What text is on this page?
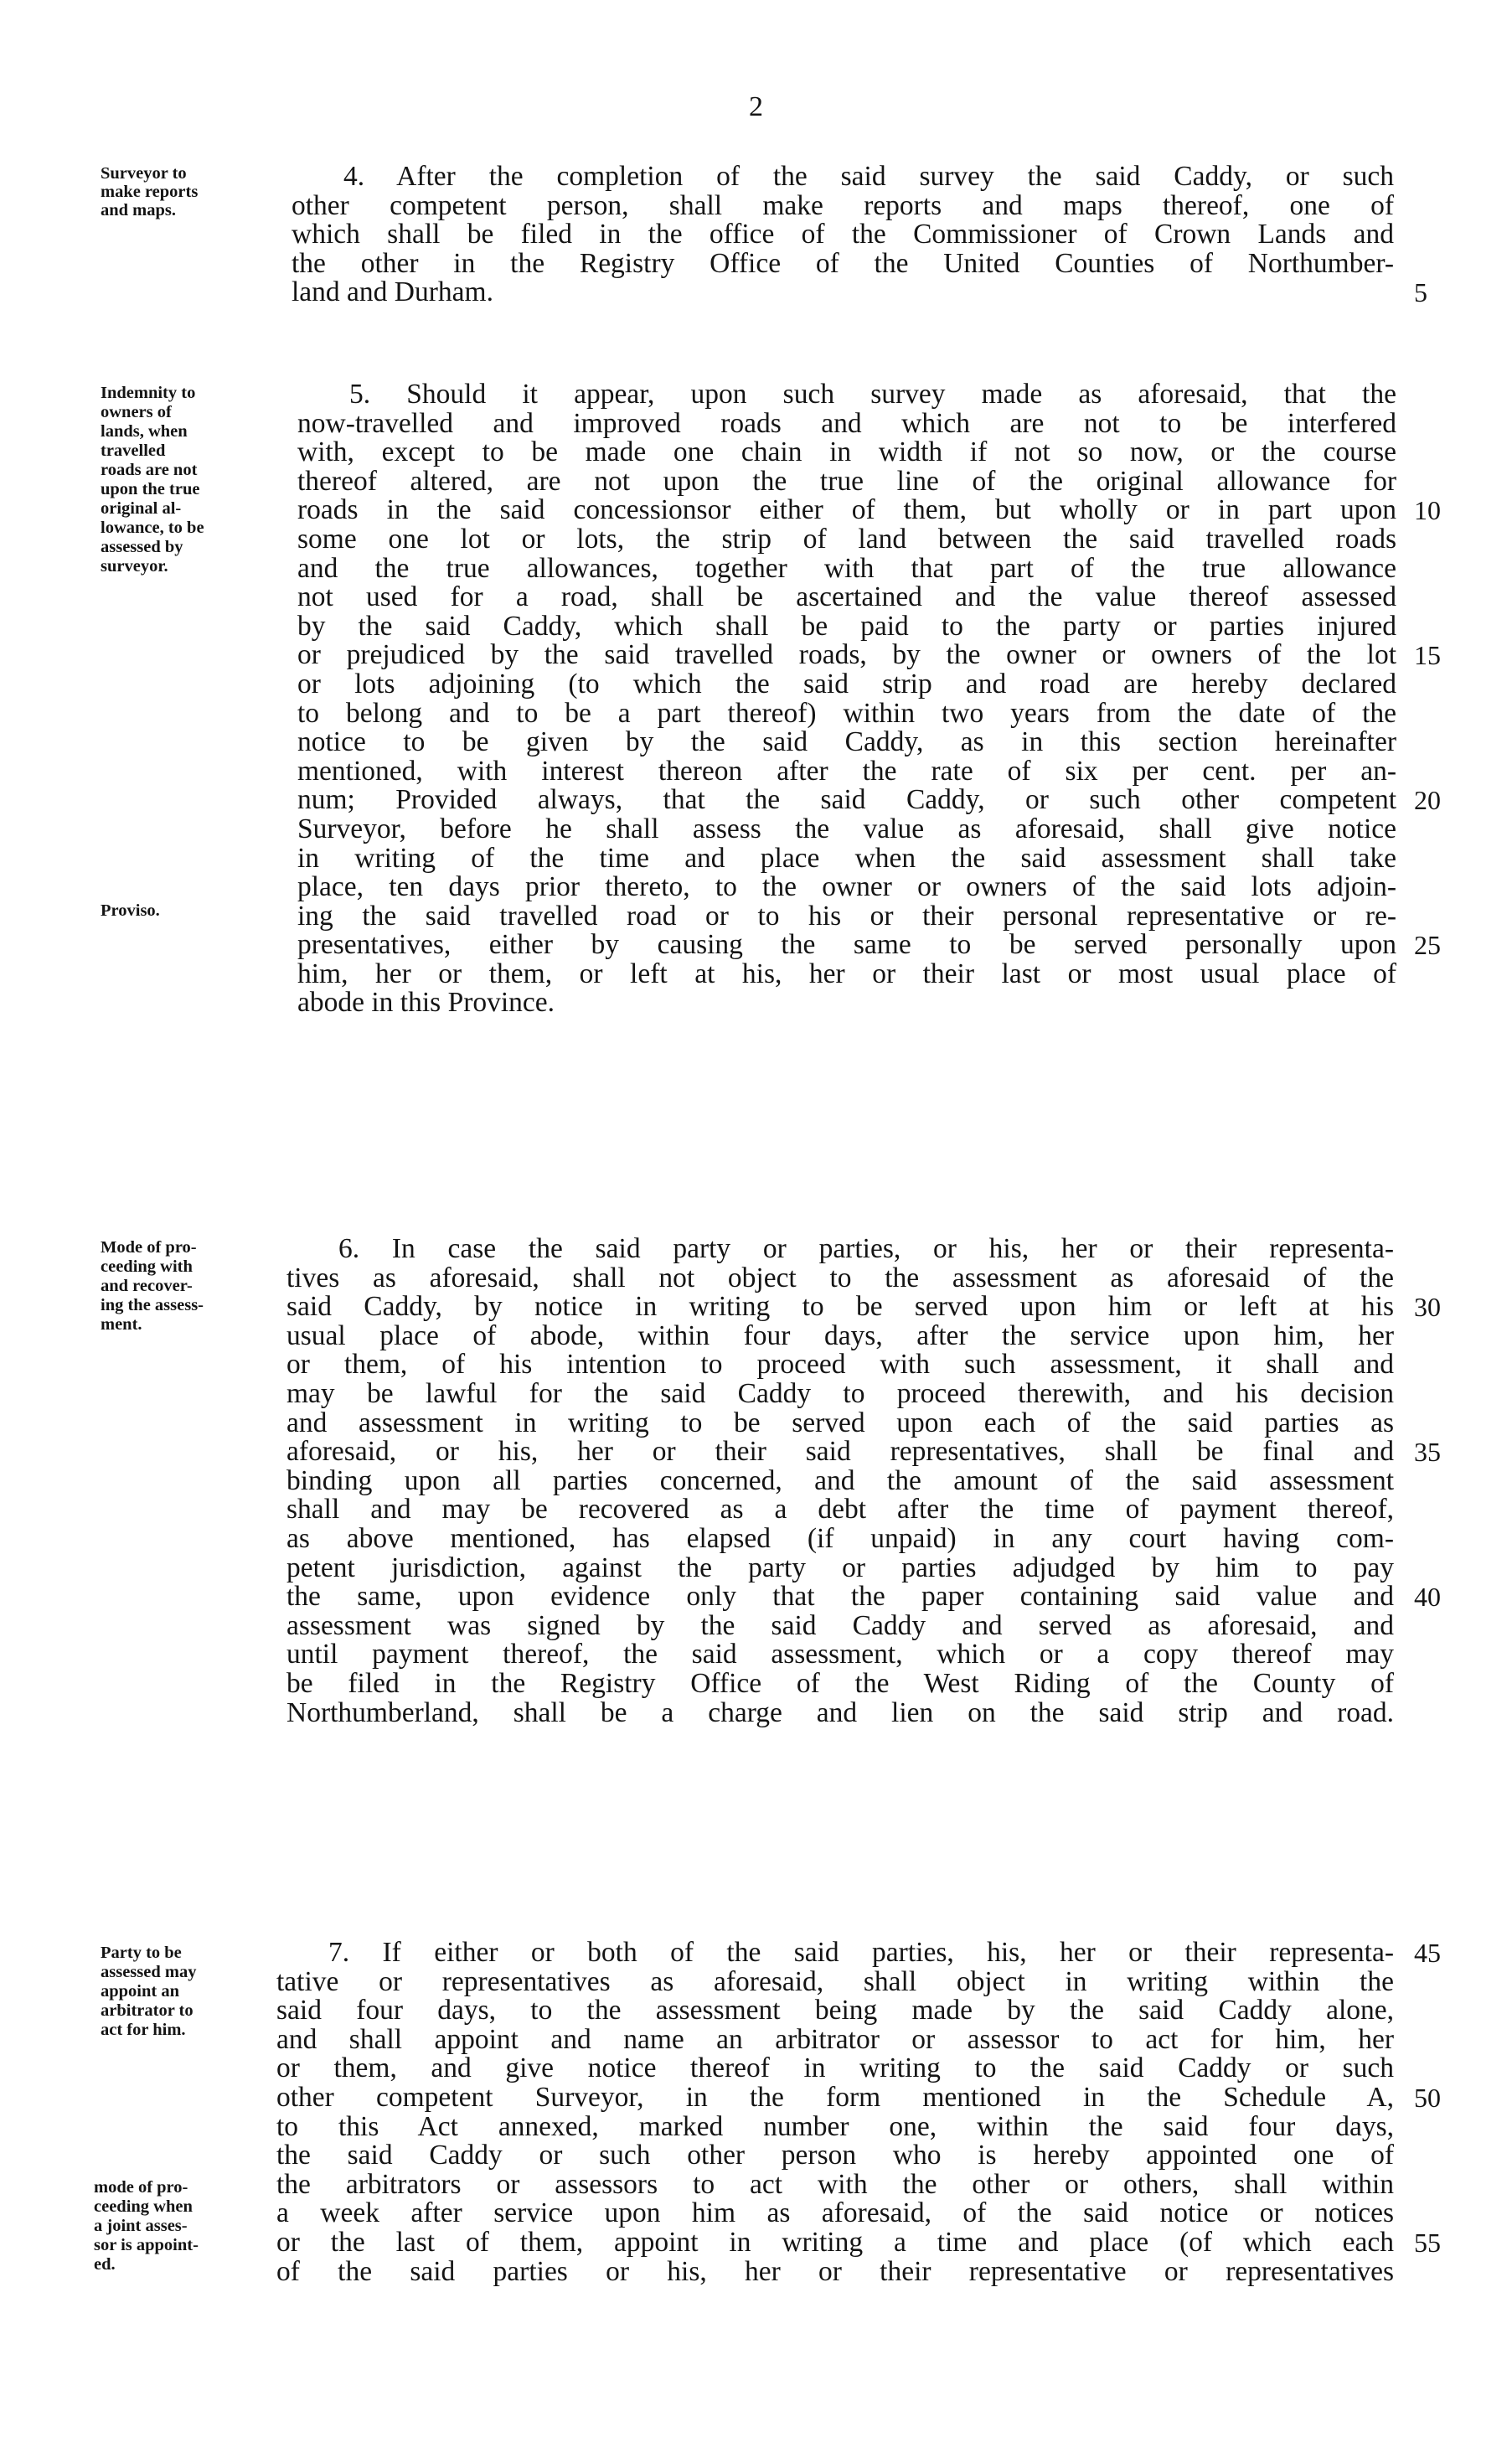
2
Surveyor to
make reports
and maps.
4. After the completion of the said survey the said Caddy, or such
other competent person, shall make reports and maps thereof, one of
which shall be filed in the office of the Commissioner of Crown Lands and
the other in the Registry Office of the United Counties of Northumber-
land and Durham.	5
Indemnity to
owners of
lands, when
travelled
roads are not
upon the true
original al-
lowance, to be
assessed by
surveyor.
Proviso.
5. Should it appear, upon such survey made as aforesaid, that the
now-travelled and improved roads and which are not to be interfered
with, except to be made one chain in width if not so now, or the course
thereof altered, are not upon the true line of the original allowance for
roads in the said concessionsor either of them, but wholly or in part upon
some one lot or lots, the strip of land between the said travelled roads
and the true allowances, together with that part of the true allowance
not used for a road, shall be ascertained and the value thereof assessed
by the said Caddy, which shall be paid to the party or parties injured
or prejudiced by the said travelled roads, by the owner or owners of the lot
or lots adjoining (to which the said strip and road are hereby declared
to belong and to be a part thereof) within two years from the date of the
notice to be given by the said Caddy, as in this section hereinafter
mentioned, with interest thereon after the rate of six per cent. per an-
num; Provided always, that the said Caddy, or such other competent
Surveyor, before he shall assess the value as aforesaid, shall give notice
in writing of the time and place when the said assessment shall take
place, ten days prior thereto, to the owner or owners of the said lots adjoin-
ing the said travelled road or to his or their personal representative or re-
presentatives, either by causing the same to be served personally upon
him, her or them, or left at his, her or their last or most usual place of
abode in this Province.
10
15
20
25
Mode of pro-
ceeding with
and recover-
ing the assess-
ment.
6. In case the said party or parties, or his, her or their representa-
tives as aforesaid, shall not object to the assessment as aforesaid of the
said Caddy, by notice in writing to be served upon him or left at his
usual place of abode, within four days, after the service upon him, her
or them, of his intention to proceed with such assessment, it shall and
may be lawful for the said Caddy to proceed therewith, and his decision
and assessment in writing to be served upon each of the said parties as
aforesaid, or his, her or their said representatives, shall be final and
binding upon all parties concerned, and the amount of the said assessment
shall and may be recovered as a debt after the time of payment thereof,
as above mentioned, has elapsed (if unpaid) in any court having com-
petent jurisdiction, against the party or parties adjudged by him to pay
the same, upon evidence only that the paper containing said value and
assessment was signed by the said Caddy and served as aforesaid, and
until payment thereof, the said assessment, which or a copy thereof may
be filed in the Registry Office of the West Riding of the County of
Northumberland, shall be a charge and lien on the said strip and road.
30
35
40
Party to be
assessed may
appoint an
arbitrator to
act for him.
mode of pro-
ceeding when
a joint asses-
sor is appoint-
ed.
7. If either or both of the said parties, his, her or their representa-
tative or representatives as aforesaid, shall object in writing within the
said four days, to the assessment being made by the said Caddy alone,
and shall appoint and name an arbitrator or assessor to act for him, her
or them, and give notice thereof in writing to the said Caddy or such
other competent Surveyor, in the form mentioned in the Schedule A,
to this Act annexed, marked number one, within the said four days,
the said Caddy or such other person who is hereby appointed one of
the arbitrators or assessors to act with the other or others, shall within
a week after service upon him as aforesaid, of the said notice or notices
or the last of them, appoint in writing a time and place (of which each
of the said parties or his, her or their representative or representatives
45
50
55
